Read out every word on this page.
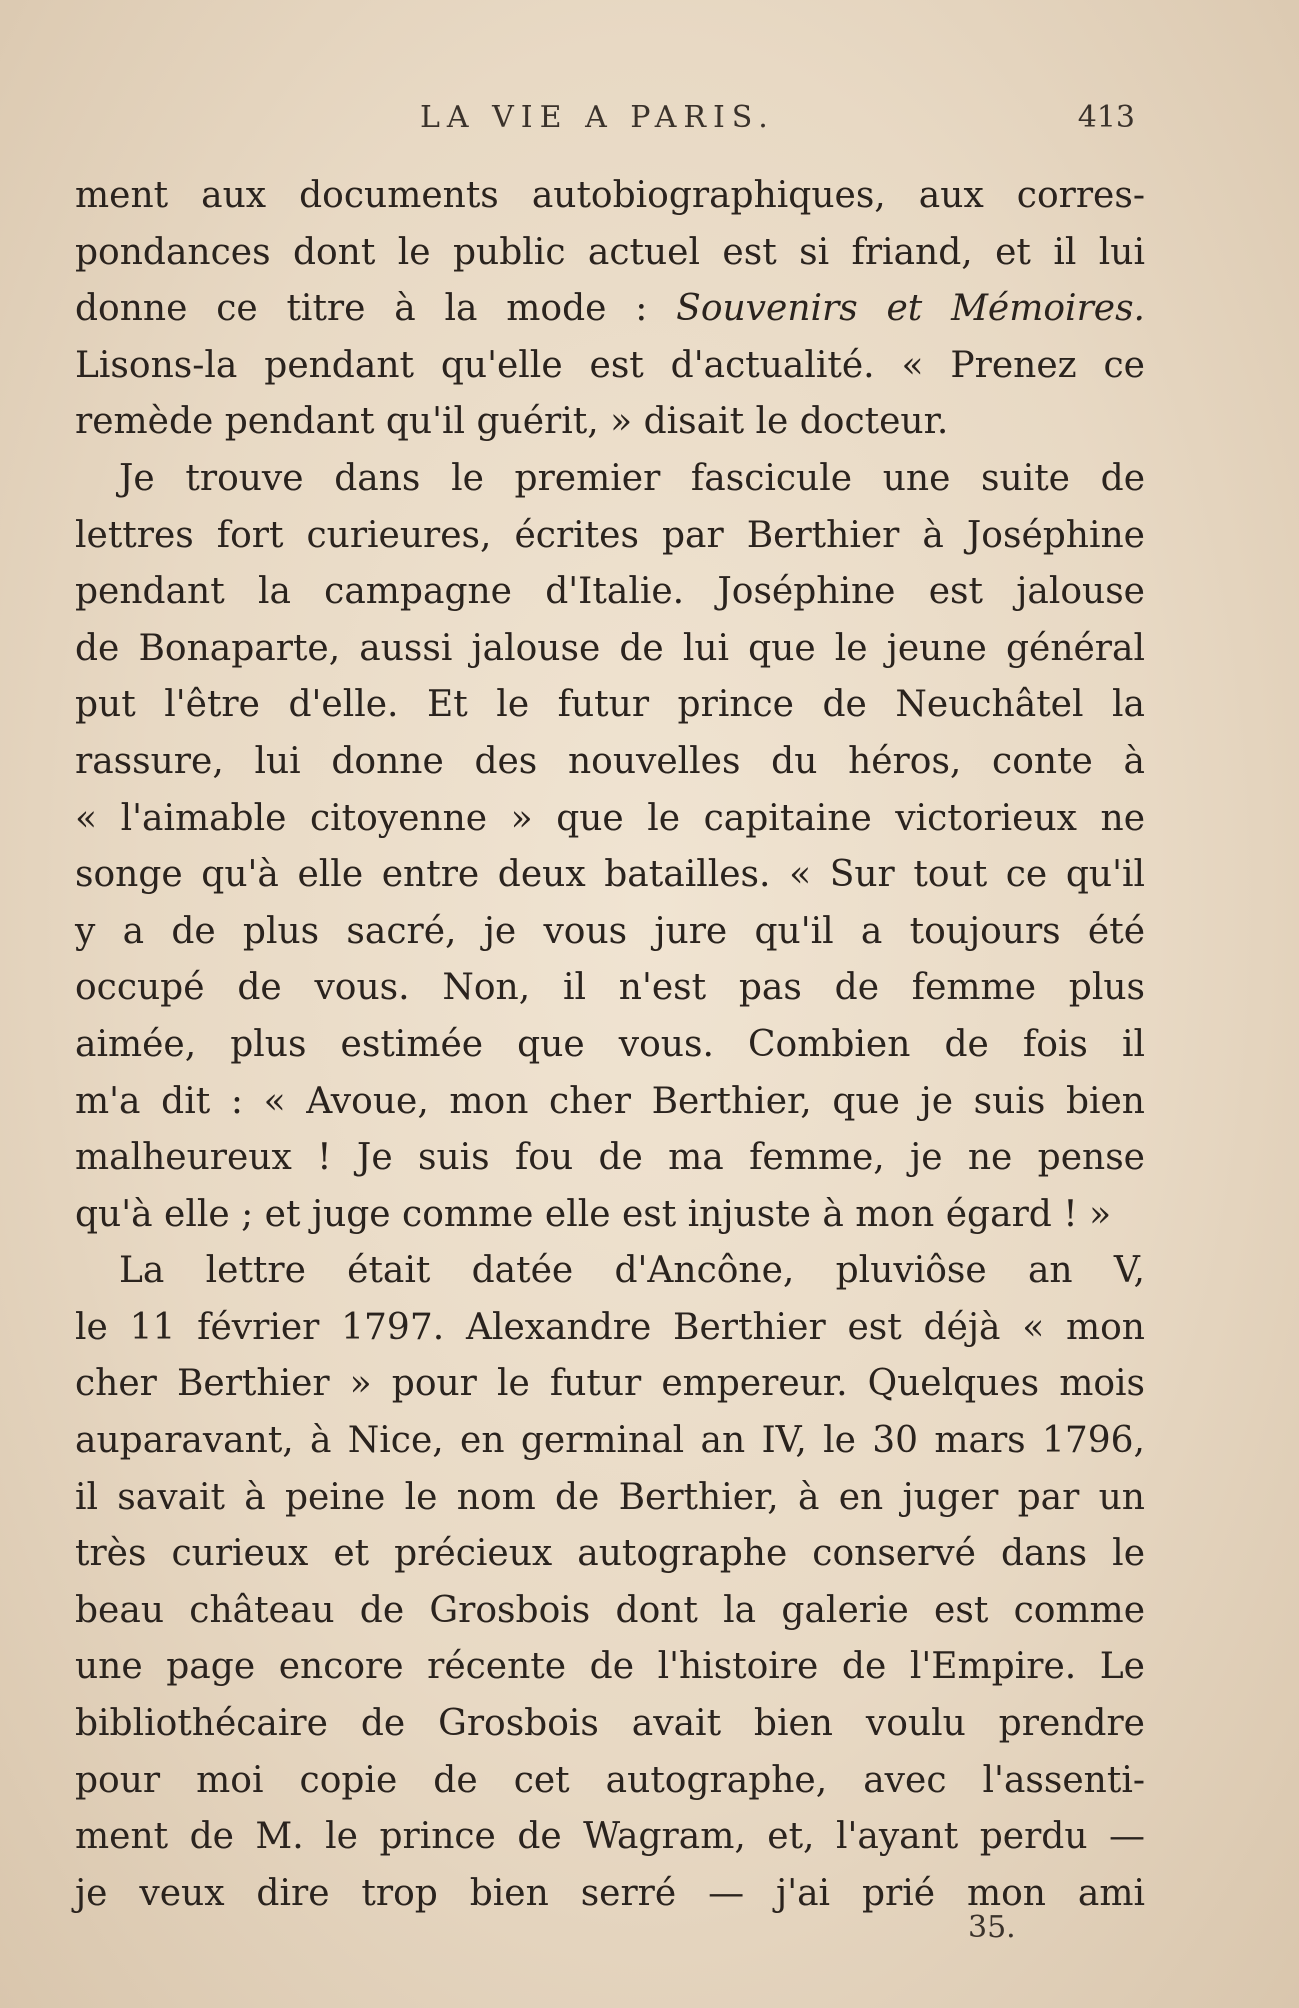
LA VIE A PARIS.	413
ment aux documents autobiographiques, aux corres-
pondances dont le public actuel est si friand, et il lui
donne ce titre à la mode : Souvenirs et Mémoires.
Lisons-la pendant qu'elle est d'actualité. « Prenez ce
remède pendant qu'il guérit, » disait le docteur.
Je trouve dans le premier fascicule une suite de
lettres fort curieures, écrites par Berthier à Joséphine
pendant la campagne d'Italie. Joséphine est jalouse
de Bonaparte, aussi jalouse de lui que le jeune général
put l'être d'elle. Et le futur prince de Neuchâtel la
rassure, lui donne des nouvelles du héros, conte à
« l'aimable citoyenne » que le capitaine victorieux ne
songe qu'à elle entre deux batailles. « Sur tout ce qu'il
y a de plus sacré, je vous jure qu'il a toujours été
occupé de vous. Non, il n'est pas de femme plus
aimée, plus estimée que vous. Combien de fois il
m'a dit : « Avoue, mon cher Berthier, que je suis bien
malheureux ! Je suis fou de ma femme, je ne pense
qu'à elle ; et juge comme elle est injuste à mon égard ! »
La lettre était datée d'Ancône, pluviôse an V,
le 11 février 1797. Alexandre Berthier est déjà « mon
cher Berthier » pour le futur empereur. Quelques mois
auparavant, à Nice, en germinal an IV, le 30 mars 1796,
il savait à peine le nom de Berthier, à en juger par un
très curieux et précieux autographe conservé dans le
beau château de Grosbois dont la galerie est comme
une page encore récente de l'histoire de l'Empire. Le
bibliothécaire de Grosbois avait bien voulu prendre
pour moi copie de cet autographe, avec l'assenti-
ment de M. le prince de Wagram, et, l'ayant perdu —
je veux dire trop bien serré — j'ai prié mon ami
35.
